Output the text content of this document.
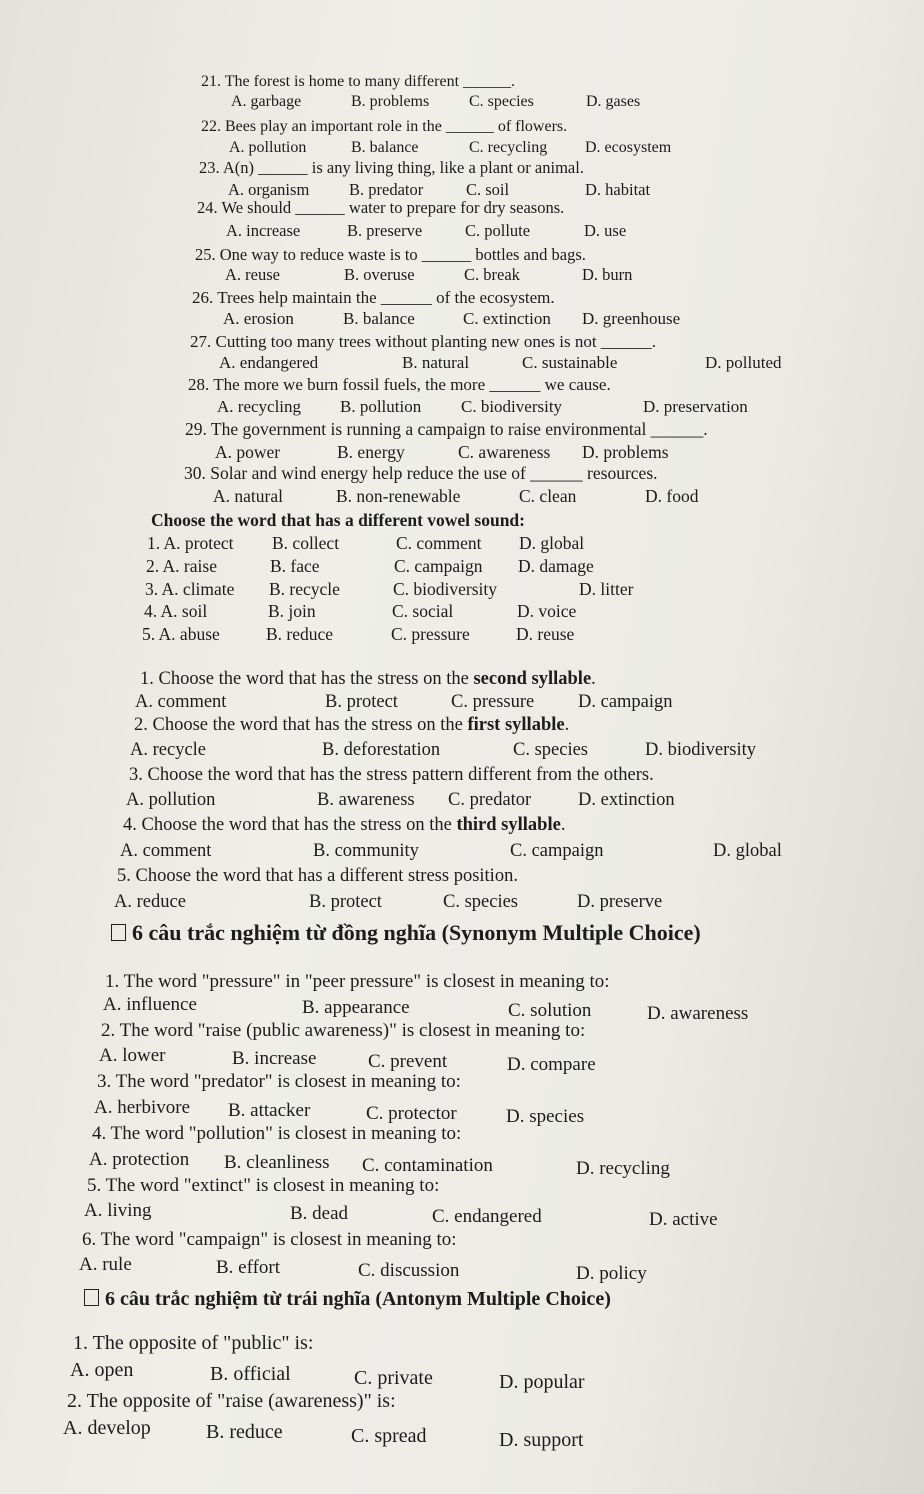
21. The forest is home to many different ______.
A. garbage	B. problems C. species	D. gases
22. Bees play an important role in the ______ of flowers.
A. pollution	B. balance	C. recycling D. ecosystem
23. A(n) ______ is any living thing, like a plant or animal.
A. organism B. predator	C. soil	D. habitat
24. We should ______ water to prepare for dry seasons.
A. increase	B. preserve	C. pollute	D. use
25. One way to reduce waste is to ______ bottles and bags.
A. reuse	B. overuse	C. break	D. burn
26. Trees help maintain the ______ of the ecosystem.
A. erosion	B. balance	C. extinction D. greenhouse
27. Cutting too many trees without planting new ones is not ______.
A. endangered	B. natural	C. sustainable	D. polluted
28. The more we burn fossil fuels, the more ______ we cause.
A. recycling B. pollution C. biodiversity	D. preservation
29. The government is running a campaign to raise environmental ______.
A. power	B. energy	C. awareness D. problems
30. Solar and wind energy help reduce the use of ______ resources.
A. natural	B. non-renewable	C. clean	D. food
Choose the word that has a different vowel sound:
1. A. protect B. collect	C. comment D. global
2. A. raise	B. face	C. campaign D. damage
3. A. climate B. recycle	C. biodiversity	D. litter
4. A. soil	B. join	C. social	D. voice
5. A. abuse	B. reduce	C. pressure	D. reuse
1. Choose the word that has the stress on the second syllable.
A. comment	B. protect	C. pressure D. campaign
2. Choose the word that has the stress on the first syllable.
A. recycle	B. deforestation	C. species	D. biodiversity
3. Choose the word that has the stress pattern different from the others.
A. pollution	B. awareness C. predator	D. extinction
4. Choose the word that has the stress on the third syllable.
A. comment	B. community	C. campaign	D. global
5. Choose the word that has a different stress position.
A. reduce	B. protect	C. species	D. preserve
6 câu trắc nghiệm từ đồng nghĩa (Synonym Multiple Choice)
1. The word "pressure" in "peer pressure" is closest in meaning to:
A. influence	B. appearance	C. solution	D. awareness
2. The word "raise (public awareness)" is closest in meaning to:
A. lower	B. increase	C. prevent	D. compare
3. The word "predator" is closest in meaning to:
A. herbivore B. attacker	C. protector	D. species
4. The word "pollution" is closest in meaning to:
A. protection B. cleanliness C. contamination	D. recycling
5. The word "extinct" is closest in meaning to:
A. living	B. dead	C. endangered	D. active
6. The word "campaign" is closest in meaning to:
A. rule	B. effort	C. discussion	D. policy
6 câu trắc nghiệm từ trái nghĩa (Antonym Multiple Choice)
1. The opposite of "public" is:
A. open	B. official	C. private	D. popular
2. The opposite of "raise (awareness)" is:
A. develop	B. reduce	C. spread	D. support
